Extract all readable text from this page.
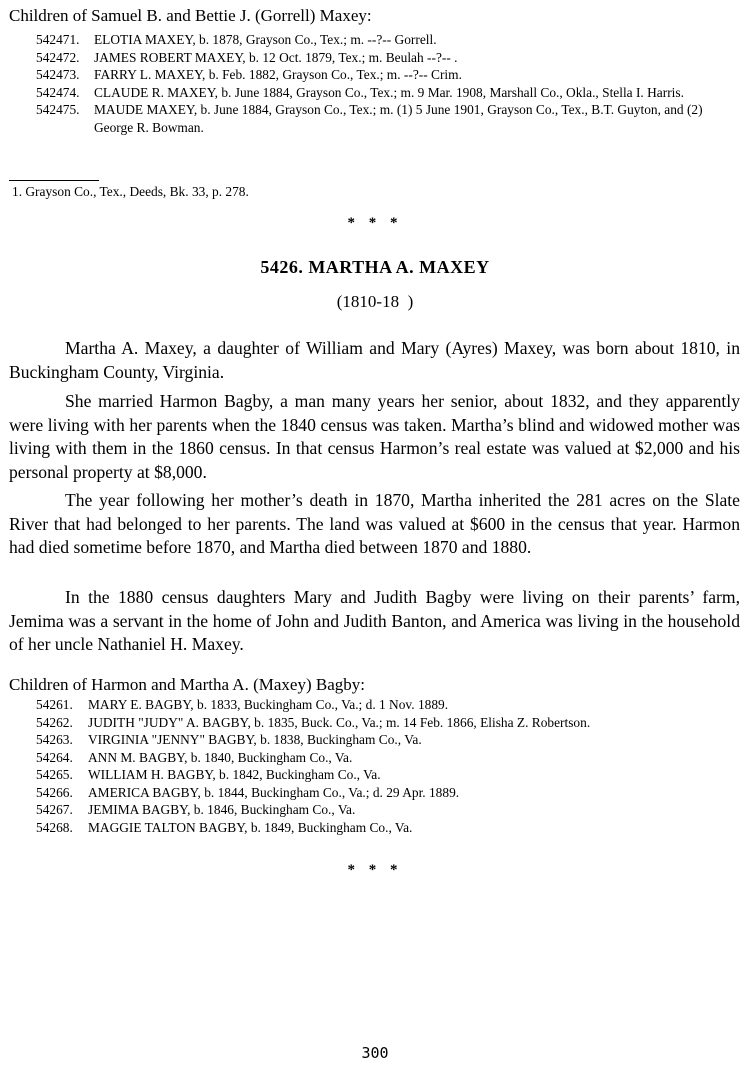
Children of Samuel B. and Bettie J. (Gorrell) Maxey:
542471.	ELOTIA MAXEY, b. 1878, Grayson Co., Tex.; m. --?-- Gorrell.
542472.	JAMES ROBERT MAXEY, b. 12 Oct. 1879, Tex.; m. Beulah --?-- .
542473.	FARRY L. MAXEY, b. Feb. 1882, Grayson Co., Tex.; m. --?-- Crim.
542474.	CLAUDE R. MAXEY, b. June 1884, Grayson Co., Tex.; m. 9 Mar. 1908, Marshall Co., Okla., Stella I. Harris.
542475.	MAUDE MAXEY, b. June 1884, Grayson Co., Tex.; m. (1) 5 June 1901, Grayson Co., Tex., B.T. Guyton, and (2) George R. Bowman.
1. Grayson Co., Tex., Deeds, Bk. 33, p. 278.
* * *
5426. MARTHA A. MAXEY
(1810-18  )

Martha A. Maxey, a daughter of William and Mary (Ayres) Maxey, was born about 1810, in Buckingham County, Virginia.

She married Harmon Bagby, a man many years her senior, about 1832, and they apparently were living with her parents when the 1840 census was taken. Martha’s blind and widowed mother was living with them in the 1860 census. In that census Harmon’s real estate was valued at $2,000 and his personal property at $8,000.

The year following her mother’s death in 1870, Martha inherited the 281 acres on the Slate River that had belonged to her parents. The land was valued at $600 in the census that year. Harmon had died sometime before 1870, and Martha died between 1870 and 1880.

In the 1880 census daughters Mary and Judith Bagby were living on their parents’ farm, Jemima was a servant in the home of John and Judith Banton, and America was living in the household of her uncle Nathaniel H. Maxey.

Children of Harmon and Martha A. (Maxey) Bagby:
54261.	MARY E. BAGBY, b. 1833, Buckingham Co., Va.; d. 1 Nov. 1889.
54262.	JUDITH "JUDY" A. BAGBY, b. 1835, Buck. Co., Va.; m. 14 Feb. 1866, Elisha Z. Robertson.
54263.	VIRGINIA "JENNY" BAGBY, b. 1838, Buckingham Co., Va.
54264.	ANN M. BAGBY, b. 1840, Buckingham Co., Va.
54265.	WILLIAM H. BAGBY, b. 1842, Buckingham Co., Va.
54266.	AMERICA BAGBY, b. 1844, Buckingham Co., Va.; d. 29 Apr. 1889.
54267.	JEMIMA BAGBY, b. 1846, Buckingham Co., Va.
54268.	MAGGIE TALTON BAGBY, b. 1849, Buckingham Co., Va.
* * *
300
